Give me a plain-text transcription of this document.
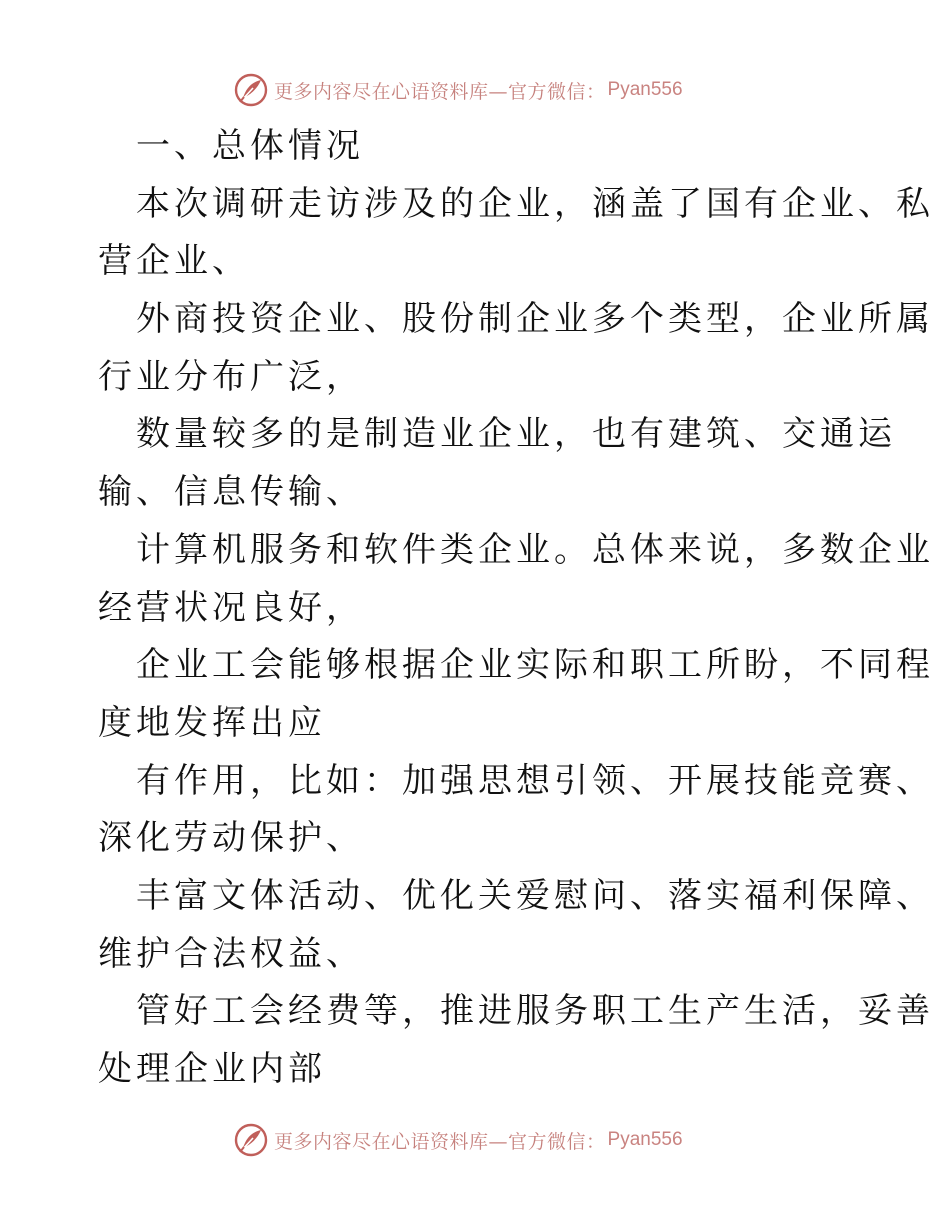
更多内容尽在心语资料库—官方微信： Pyan556
一、总体情况
本次调研走访涉及的企业，涵盖了国有企业、私
营企业、
外商投资企业、股份制企业多个类型，企业所属
行业分布广泛，
数量较多的是制造业企业，也有建筑、交通运
输、信息传输、
计算机服务和软件类企业。总体来说，多数企业
经营状况良好，
企业工会能够根据企业实际和职工所盼，不同程
度地发挥出应
有作用，比如：加强思想引领、开展技能竞赛、
深化劳动保护、
丰富文体活动、优化关爱慰问、落实福利保障、
维护合法权益、
管好工会经费等，推进服务职工生产生活，妥善
处理企业内部
更多内容尽在心语资料库—官方微信： Pyan556
